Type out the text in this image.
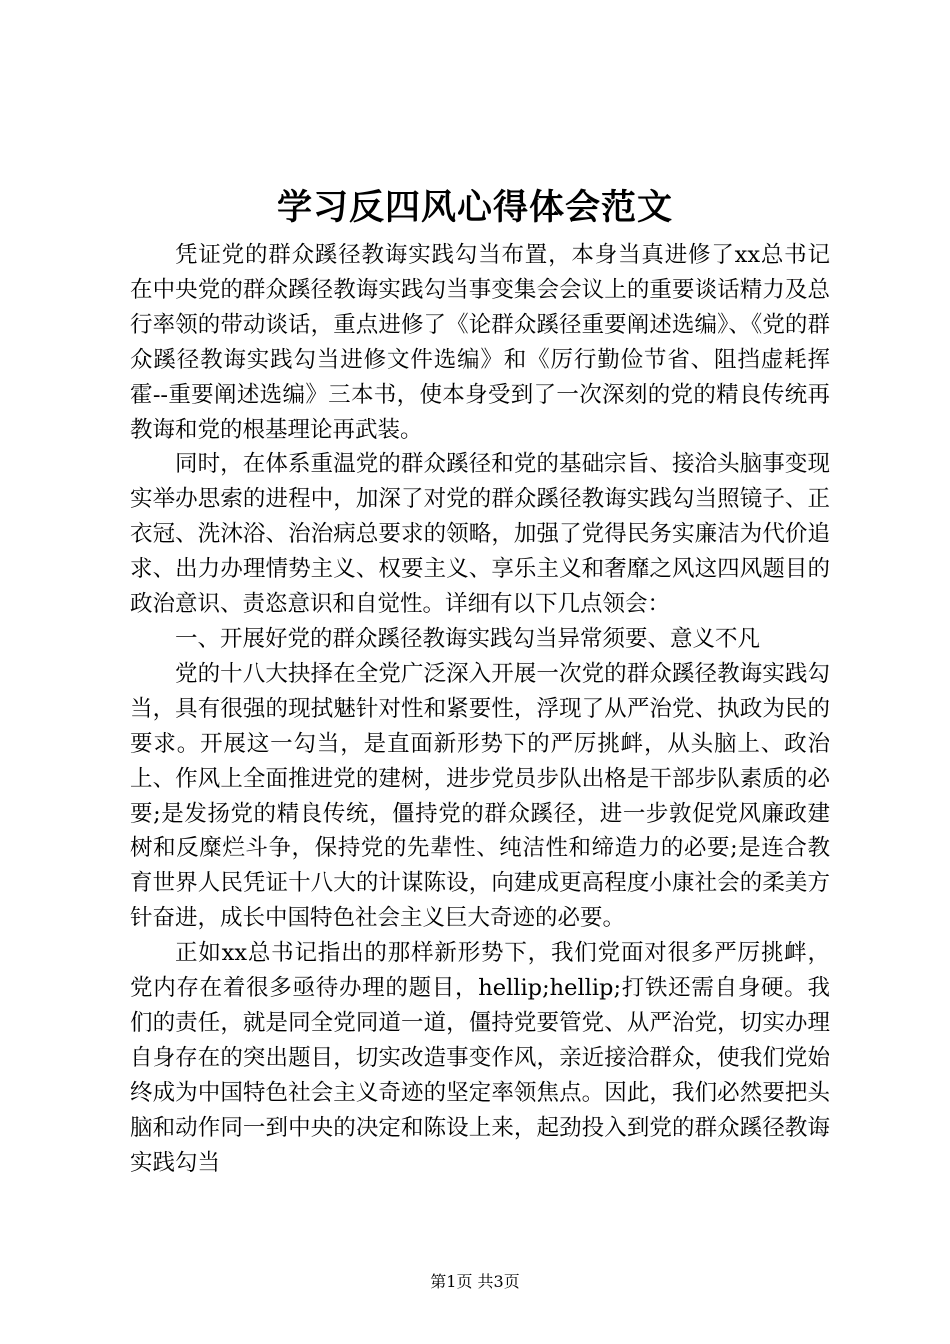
学习反四风心得体会范文

凭证党的群众蹊径教诲实践勾当布置，本身当真进修了xx总书记在中央党的群众蹊径教诲实践勾当事变集会会议上的重要谈话精力及总行率领的带动谈话，重点进修了《论群众蹊径重要阐述选编》、《党的群众蹊径教诲实践勾当进修文件选编》和《厉行勤俭节省、阻挡虚耗挥霍--重要阐述选编》三本书，使本身受到了一次深刻的党的精良传统再教诲和党的根基理论再武装。

同时，在体系重温党的群众蹊径和党的基础宗旨、接洽头脑事变现实举办思索的进程中，加深了对党的群众蹊径教诲实践勾当照镜子、正衣冠、洗沐浴、治治病总要求的领略，加强了党得民务实廉洁为代价追求、出力办理情势主义、权要主义、享乐主义和奢靡之风这四风题目的政治意识、责恣意识和自觉性。详细有以下几点领会：

一、开展好党的群众蹊径教诲实践勾当异常须要、意义不凡

党的十八大抉择在全党广泛深入开展一次党的群众蹊径教诲实践勾当，具有很强的现拭魅针对性和紧要性，浮现了从严治党、执政为民的要求。开展这一勾当，是直面新形势下的严厉挑衅，从头脑上、政治上、作风上全面推进党的建树，进步党员步队出格是干部步队素质的必要;是发扬党的精良传统，僵持党的群众蹊径，进一步敦促党风廉政建树和反糜烂斗争，保持党的先辈性、纯洁性和缔造力的必要;是连合教育世界人民凭证十八大的计谋陈设，向建成更高程度小康社会的柔美方针奋进，成长中国特色社会主义巨大奇迹的必要。

正如xx总书记指出的那样新形势下，我们党面对很多严厉挑衅，党内存在着很多亟待办理的题目，hellip;hellip;打铁还需自身硬。我们的责任，就是同全党同道一道，僵持党要管党、从严治党，切实办理自身存在的突出题目，切实改造事变作风，亲近接洽群众，使我们党始终成为中国特色社会主义奇迹的坚定率领焦点。因此，我们必然要把头脑和动作同一到中央的决定和陈设上来，起劲投入到党的群众蹊径教诲实践勾当

第1页 共3页
